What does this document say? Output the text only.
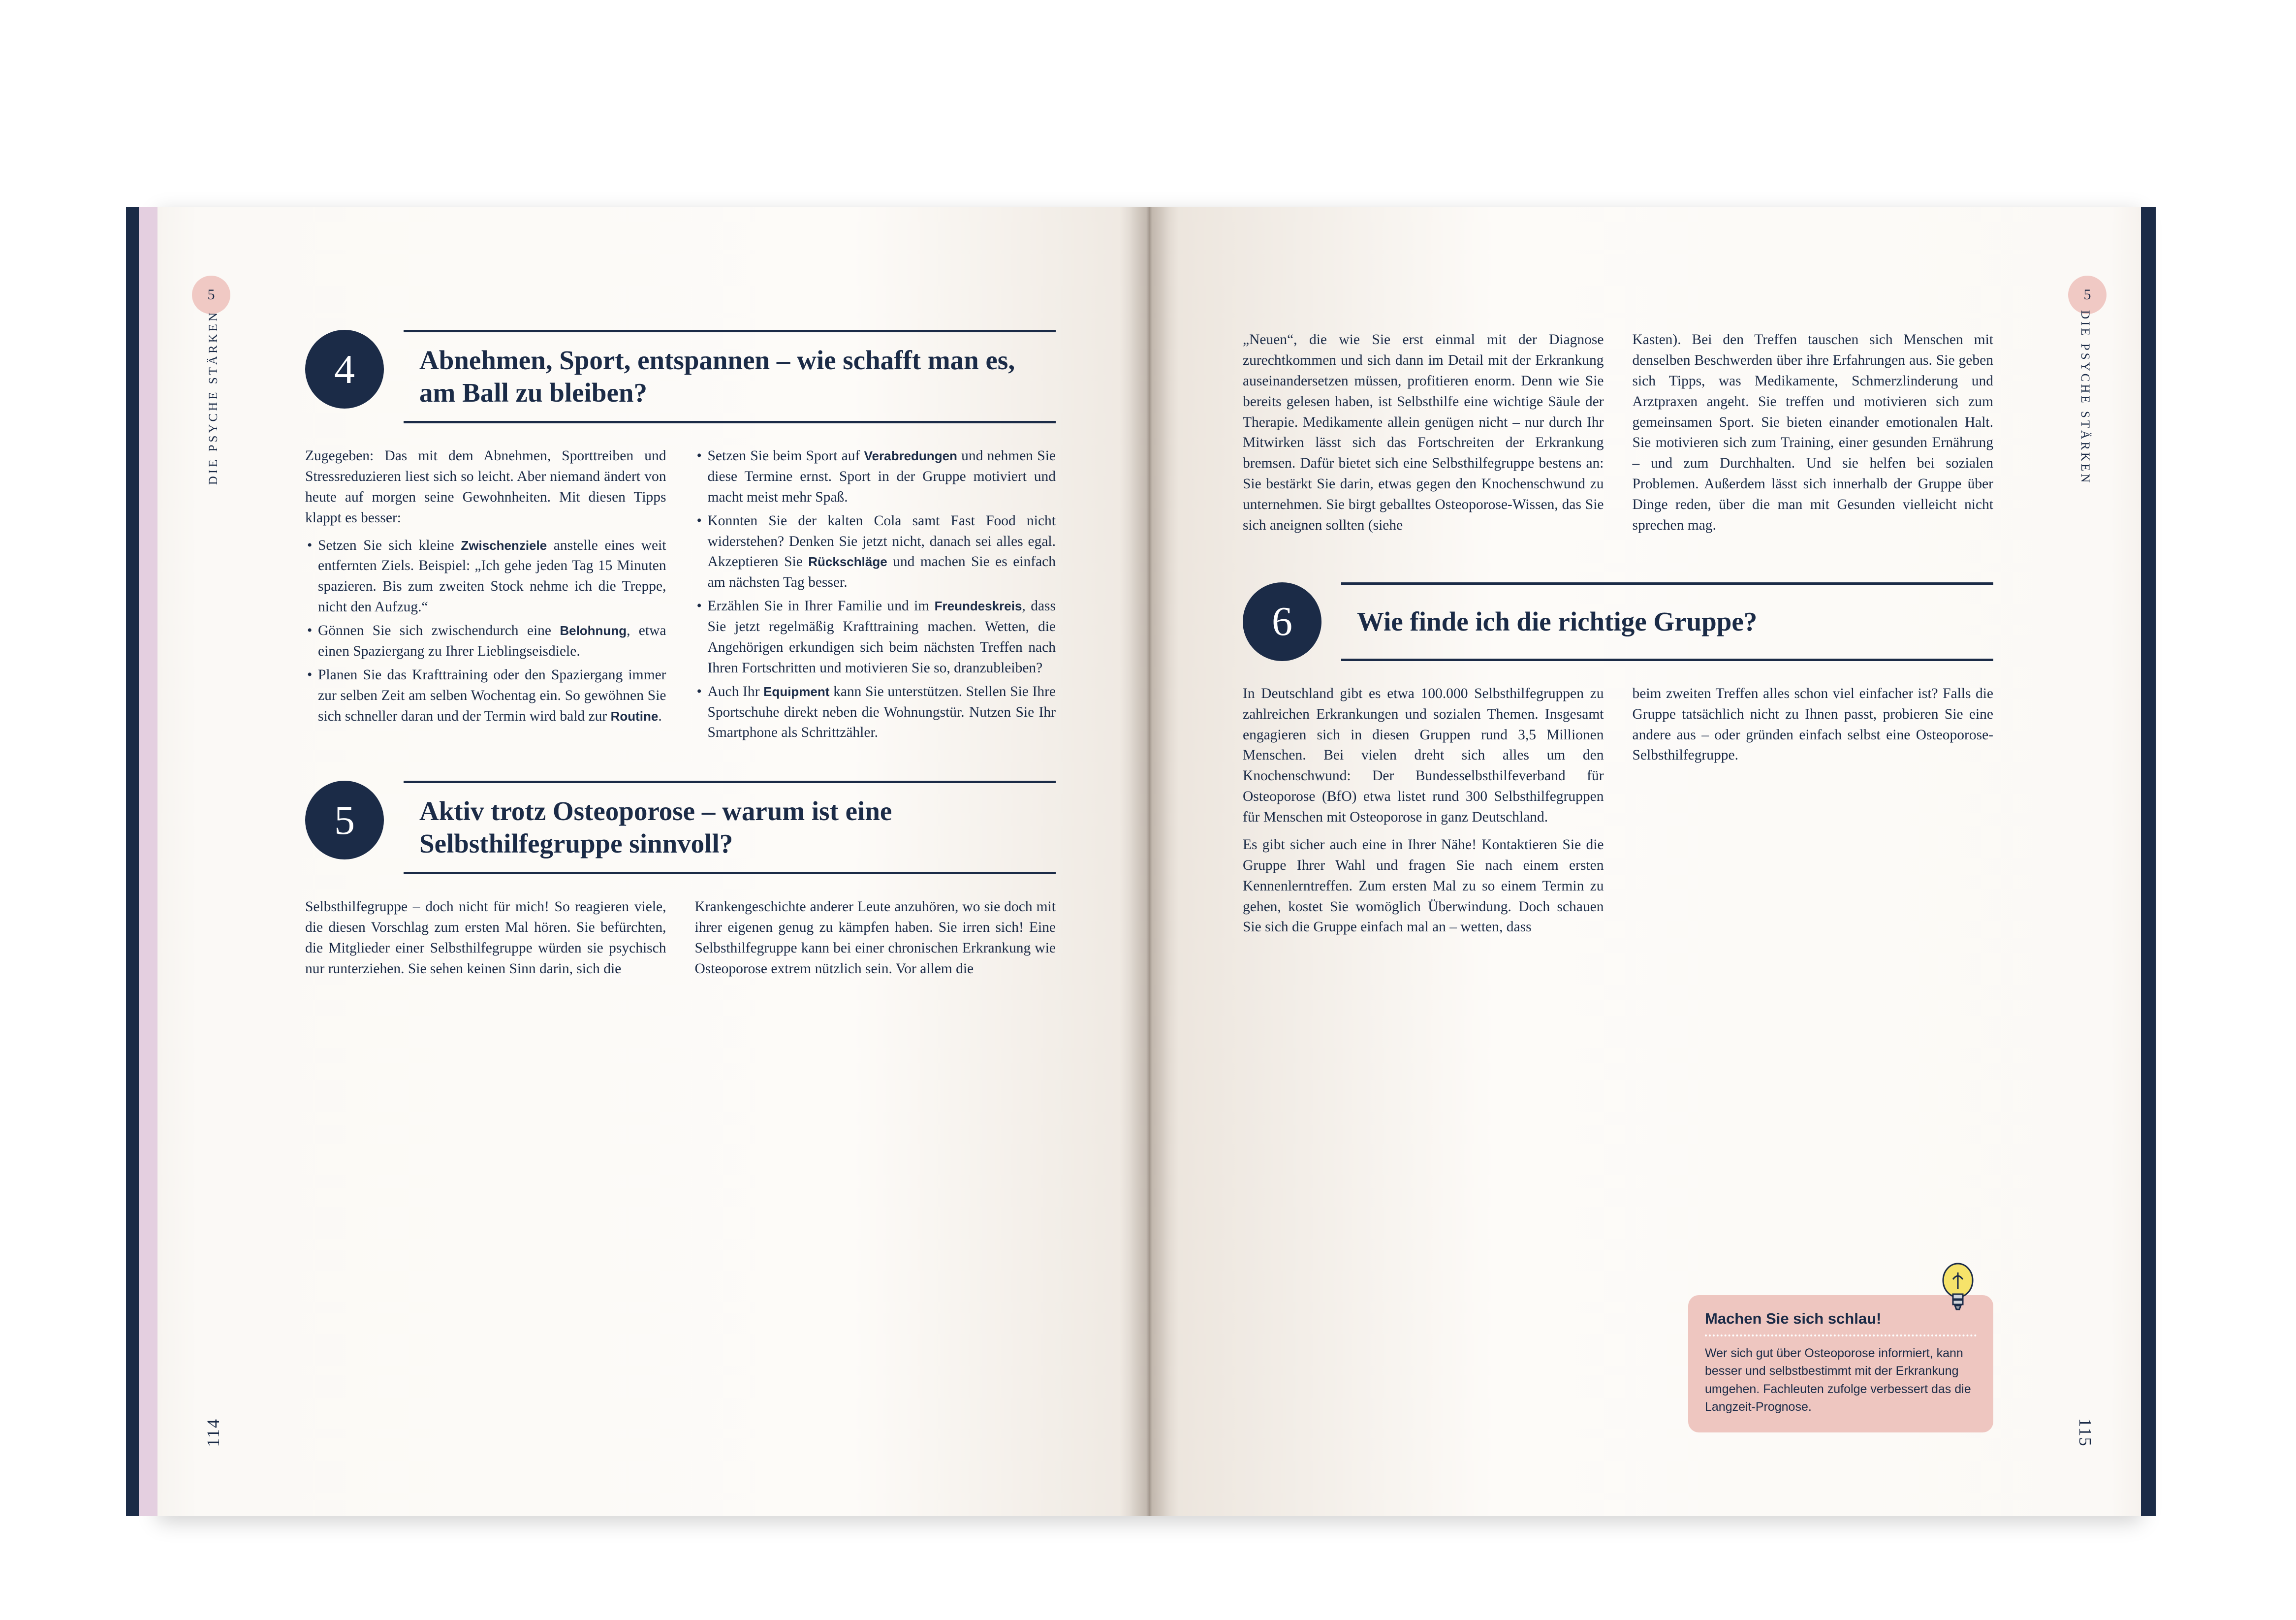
5
DIE PSYCHE STÄRKEN
114
4	Abnehmen, Sport, entspannen – wie schafft man es, am Ball zu bleiben?

Zugegeben: Das mit dem Abnehmen, Sporttreiben und Stressreduzieren liest sich so leicht. Aber niemand ändert von heute auf morgen seine Gewohnheiten. Mit diesen Tipps klappt es besser:

• Setzen Sie sich kleine Zwischenziele anstelle eines weit entfernten Ziels. Beispiel: „Ich gehe jeden Tag 15 Minuten spazieren. Bis zum zweiten Stock nehme ich die Treppe, nicht den Aufzug.“
• Gönnen Sie sich zwischendurch eine Belohnung, etwa einen Spaziergang zu Ihrer Lieblingseisdiele.
• Planen Sie das Krafttraining oder den Spaziergang immer zur selben Zeit am selben Wochentag ein. So gewöhnen Sie sich schneller daran und der Termin wird bald zur Routine.
• Setzen Sie beim Sport auf Verabredungen und nehmen Sie diese Termine ernst. Sport in der Gruppe motiviert und macht meist mehr Spaß.
• Konnten Sie der kalten Cola samt Fast Food nicht widerstehen? Denken Sie jetzt nicht, danach sei alles egal. Akzeptieren Sie Rückschläge und machen Sie es einfach am nächsten Tag besser.
• Erzählen Sie in Ihrer Familie und im Freundeskreis, dass Sie jetzt regelmäßig Krafttraining machen. Wetten, die Angehörigen erkundigen sich beim nächsten Treffen nach Ihren Fortschritten und motivieren Sie so, dranzubleiben?
• Auch Ihr Equipment kann Sie unterstützen. Stellen Sie Ihre Sportschuhe direkt neben die Wohnungstür. Nutzen Sie Ihr Smartphone als Schrittzähler.
5	Aktiv trotz Osteoporose – warum ist eine Selbsthilfegruppe sinnvoll?

Selbsthilfegruppe – doch nicht für mich! So reagieren viele, die diesen Vorschlag zum ersten Mal hören. Sie befürchten, die Mitglieder einer Selbsthilfegruppe würden sie psychisch nur runterziehen. Sie sehen keinen Sinn darin, sich die

Krankengeschichte anderer Leute anzuhören, wo sie doch mit ihrer eigenen genug zu kämpfen haben. Sie irren sich! Eine Selbsthilfegruppe kann bei einer chronischen Erkrankung wie Osteoporose extrem nützlich sein. Vor allem die

5
DIE PSYCHE STÄRKEN
115

„Neuen“, die wie Sie erst einmal mit der Diagnose zurechtkommen und sich dann im Detail mit der Erkrankung auseinandersetzen müssen, profitieren enorm. Denn wie Sie bereits gelesen haben, ist Selbsthilfe eine wichtige Säule der Therapie. Medikamente allein genügen nicht – nur durch Ihr Mitwirken lässt sich das Fortschreiten der Erkrankung bremsen. Dafür bietet sich eine Selbsthilfegruppe bestens an: Sie bestärkt Sie darin, etwas gegen den Knochenschwund zu unternehmen. Sie birgt geballtes Osteoporose-Wissen, das Sie sich aneignen sollten (siehe

Kasten). Bei den Treffen tauschen sich Menschen mit denselben Beschwerden über ihre Erfahrungen aus. Sie geben sich Tipps, was Medikamente, Schmerzlinderung und Arztpraxen angeht. Sie treffen und motivieren sich zum gemeinsamen Sport. Sie bieten einander emotionalen Halt. Sie motivieren sich zum Training, einer gesunden Ernährung – und zum Durchhalten. Und sie helfen bei sozialen Problemen. Außerdem lässt sich innerhalb der Gruppe über Dinge reden, über die man mit Gesunden vielleicht nicht sprechen mag.

6	Wie finde ich die richtige Gruppe?

In Deutschland gibt es etwa 100.000 Selbsthilfegruppen zu zahlreichen Erkrankungen und sozialen Themen. Insgesamt engagieren sich in diesen Gruppen rund 3,5 Millionen Menschen. Bei vielen dreht sich alles um den Knochenschwund: Der Bundesselbsthilfeverband für Osteoporose (BfO) etwa listet rund 300 Selbsthilfegruppen für Menschen mit Osteoporose in ganz Deutschland.

Es gibt sicher auch eine in Ihrer Nähe! Kontaktieren Sie die Gruppe Ihrer Wahl und fragen Sie nach einem ersten Kennenlerntreffen. Zum ersten Mal zu so einem Termin zu gehen, kostet Sie womöglich Überwindung. Doch schauen Sie sich die Gruppe einfach mal an – wetten, dass

beim zweiten Treffen alles schon viel einfacher ist? Falls die Gruppe tatsächlich nicht zu Ihnen passt, probieren Sie eine andere aus – oder gründen einfach selbst eine Osteoporose-Selbsthilfegruppe.

Machen Sie sich schlau!
Wer sich gut über Osteoporose informiert, kann besser und selbstbestimmt mit der Erkrankung umgehen. Fachleuten zufolge verbessert das die Langzeit-Prognose.
